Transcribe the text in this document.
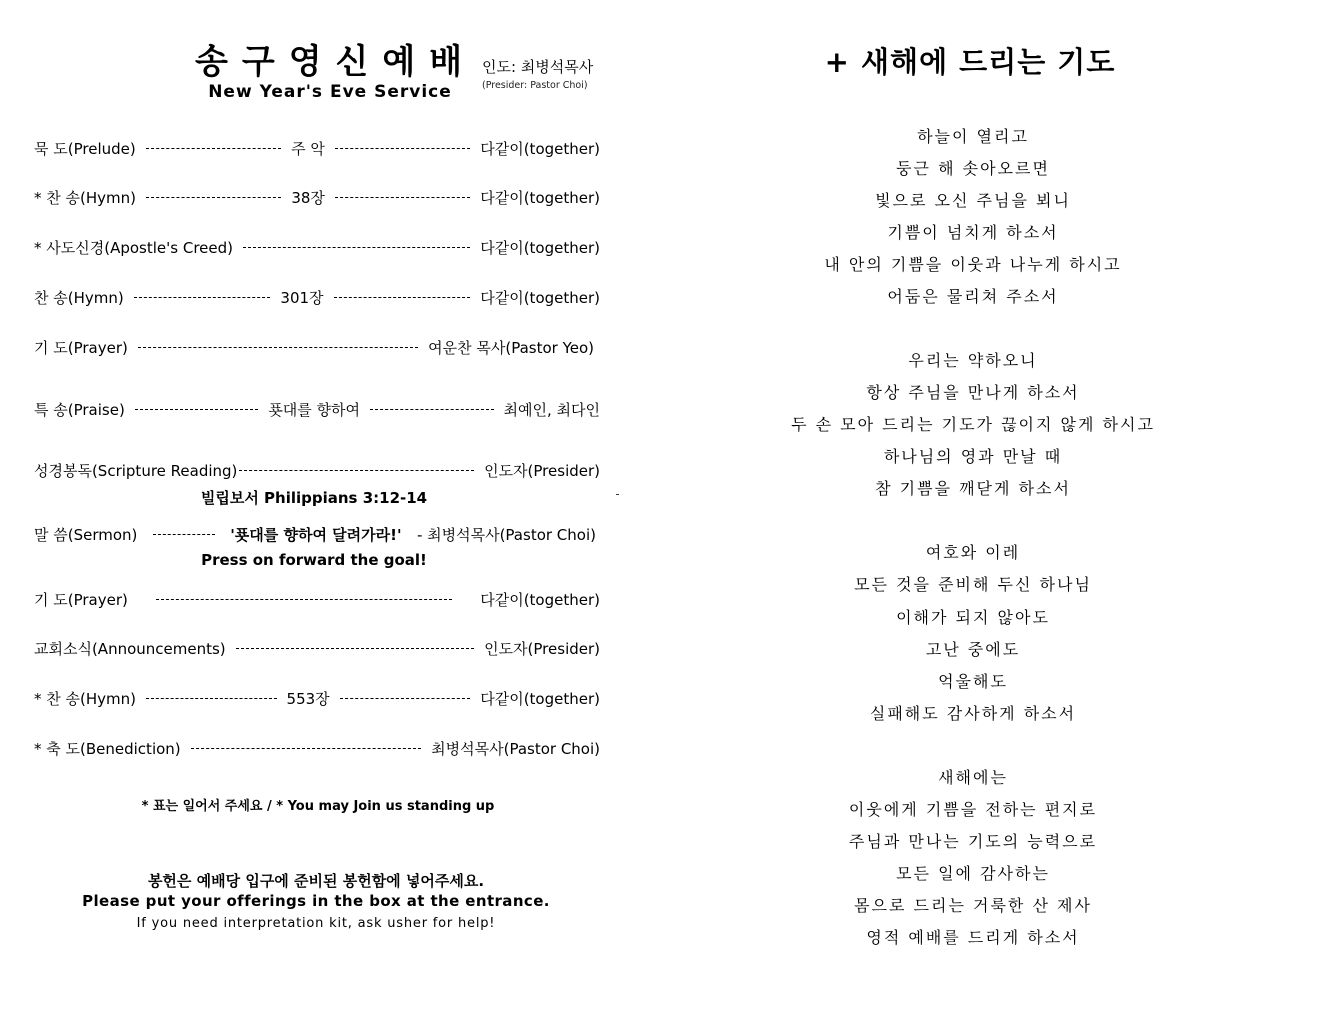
송구영신예배
New Year's Eve Service
인도: 최병석목사
(Presider: Pastor Choi)
묵 도(Prelude)	주 악	다같이(together)
* 찬 송(Hymn)	38장	다같이(together)
* 사도신경(Apostle's Creed)	다같이(together)
찬 송(Hymn)	301장	다같이(together)
기 도(Prayer)	여운찬 목사(Pastor Yeo)
특 송(Praise)	푯대를 향하여	최예인, 최다인
성경봉독(Scripture Reading)	인도자(Presider)
빌립보서 Philippians 3:12-14
말 씀(Sermon)	'푯대를 향하여 달려가라!' - 최병석목사(Pastor Choi)
Press on forward the goal!
기 도(Prayer)	다같이(together)
교회소식(Announcements)	인도자(Presider)
* 찬 송(Hymn)	553장	다같이(together)
* 축 도(Benediction)	최병석목사(Pastor Choi)
* 표는 일어서 주세요 / * You may Join us standing up
봉헌은 예배당 입구에 준비된 봉헌함에 넣어주세요.
Please put your offerings in the box at the entrance.
If you need interpretation kit, ask usher for help!
+ 새해에 드리는 기도
하늘이 열리고
둥근 해 솟아오르면
빛으로 오신 주님을 뵈니
기쁨이 넘치게 하소서
내 안의 기쁨을 이웃과 나누게 하시고
어둠은 물리쳐 주소서
우리는 약하오니
항상 주님을 만나게 하소서
두 손 모아 드리는 기도가 끊이지 않게 하시고
하나님의 영과 만날 때
참 기쁨을 깨닫게 하소서
여호와 이레
모든 것을 준비해 두신 하나님
이해가 되지 않아도
고난 중에도
억울해도
실패해도 감사하게 하소서
새해에는
이웃에게 기쁨을 전하는 편지로
주님과 만나는 기도의 능력으로
모든 일에 감사하는
몸으로 드리는 거룩한 산 제사
영적 예배를 드리게 하소서
